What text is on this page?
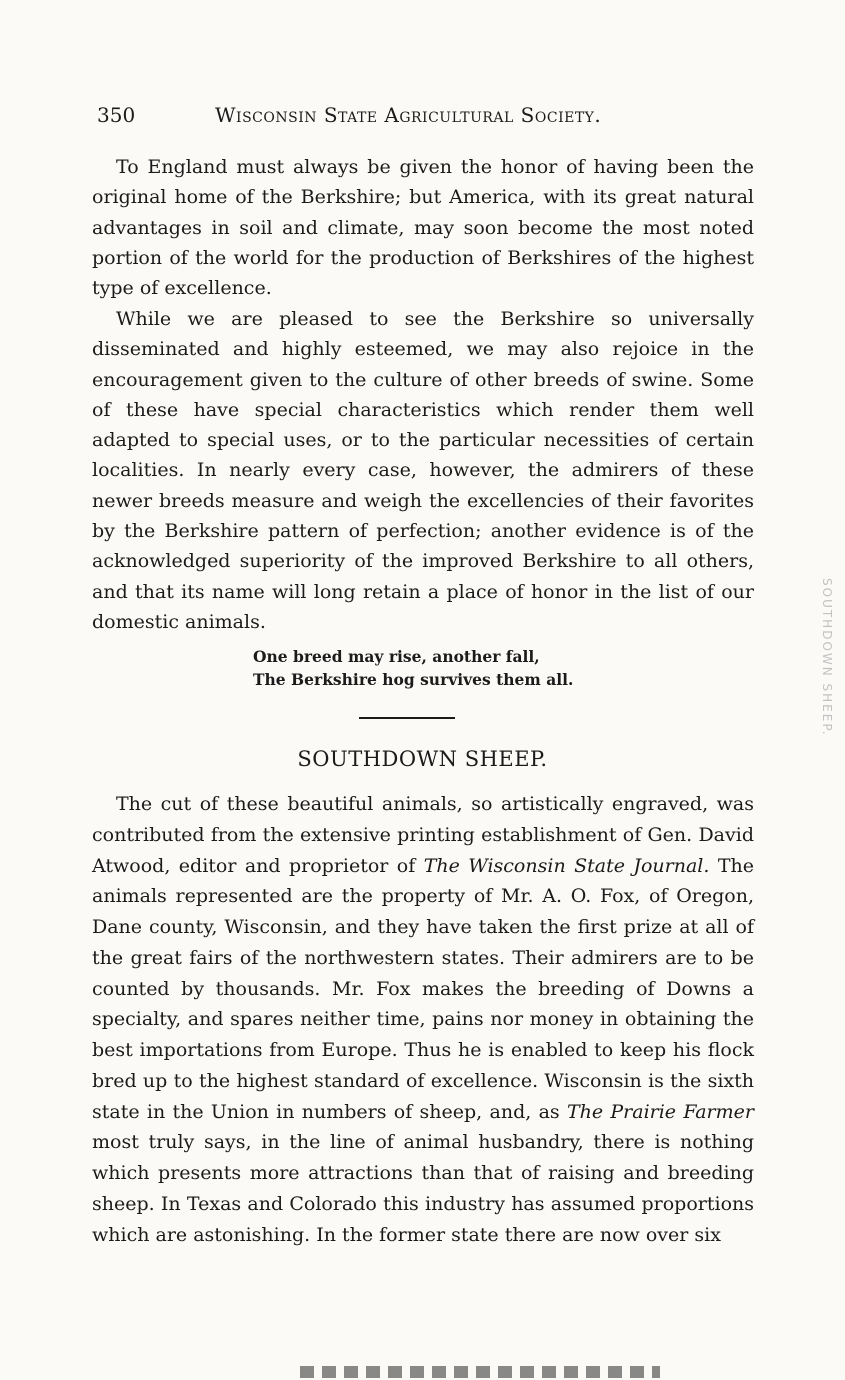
350	Wisconsin State Agricultural Society.

To England must always be given the honor of having been the original home of the Berkshire; but America, with its great natural advantages in soil and climate, may soon become the most noted portion of the world for the production of Berkshires of the highest type of excellence.

While we are pleased to see the Berkshire so universally disseminated and highly esteemed, we may also rejoice in the encouragement given to the culture of other breeds of swine. Some of these have special characteristics which render them well adapted to special uses, or to the particular necessities of certain localities. In nearly every case, however, the admirers of these newer breeds measure and weigh the excellencies of their favorites by the Berkshire pattern of perfection; another evidence is of the acknowledged superiority of the improved Berkshire to all others, and that its name will long retain a place of honor in the list of our domestic animals.

One breed may rise, another fall,
The Berkshire hog survives them all.
SOUTHDOWN SHEEP.

The cut of these beautiful animals, so artistically engraved, was contributed from the extensive printing establishment of Gen. David Atwood, editor and proprietor of The Wisconsin State Journal. The animals represented are the property of Mr. A. O. Fox, of Oregon, Dane county, Wisconsin, and they have taken the first prize at all of the great fairs of the northwestern states. Their admirers are to be counted by thousands. Mr. Fox makes the breeding of Downs a specialty, and spares neither time, pains nor money in obtaining the best importations from Europe. Thus he is enabled to keep his flock bred up to the highest standard of excellence. Wisconsin is the sixth state in the Union in numbers of sheep, and, as The Prairie Farmer most truly says, in the line of animal husbandry, there is nothing which presents more attractions than that of raising and breeding sheep. In Texas and Colorado this industry has assumed proportions which are astonishing. In the former state there are now over six

SOUTHDOWN SHEEP.
